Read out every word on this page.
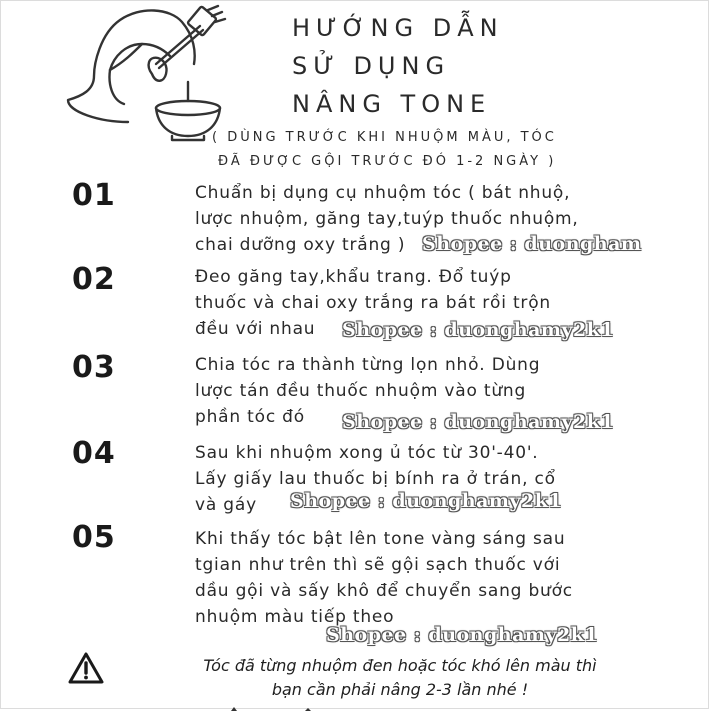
HƯỚNG DẪN
SỬ DỤNG
NÂNG TONE
( DÙNG TRƯỚC KHI NHUỘM MÀU, TÓC
ĐÃ ĐƯỢC GỘI TRƯỚC ĐÓ 1-2 NGÀY )
01	Chuẩn bị dụng cụ nhuộm tóc ( bát nhuộ,
lược nhuộm, găng tay,tuýp thuốc nhuộm,
chai dưỡng oxy trắng ) Shopee : duongham
02	Đeo găng tay,khẩu trang. Đổ tuýp
thuốc và chai oxy trắng ra bát rồi trộn
đều với nhau	Shopee : duonghamy2k1
03	Chia tóc ra thành từng lọn nhỏ. Dùng
lược tán đều thuốc nhuộm vào từng
phần tóc đó	Shopee : duonghamy2k1
04	Sau khi nhuộm xong ủ tóc từ 30'-40'.
Lấy giấy lau thuốc bị bính ra ở trán, cổ
và gáy	Shopee : duonghamy2k1
05	Khi thấy tóc bật lên tone vàng sáng sau
tgian như trên thì sẽ gội sạch thuốc với
dầu gội và sấy khô để chuyển sang bước
nhuộm màu tiếp theo
Shopee : duonghamy2k1
Tóc đã từng nhuộm đen hoặc tóc khó lên màu thì
bạn cần phải nâng 2-3 lần nhé !
